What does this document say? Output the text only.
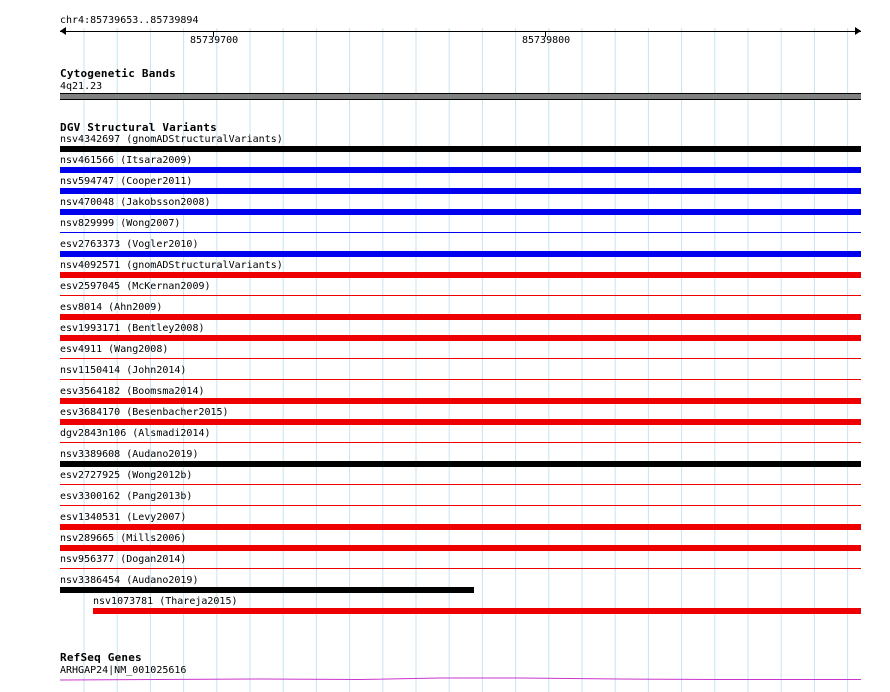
chr4:85739653..85739894
85739700	85739800
Cytogenetic Bands
4q21.23
DGV Structural Variants
nsv4342697 (gnomADStructuralVariants)
nsv461566 (Itsara2009)
nsv594747 (Cooper2011)
nsv470048 (Jakobsson2008)
nsv829999 (Wong2007)
esv2763373 (Vogler2010)
nsv4092571 (gnomADStructuralVariants)
esv2597045 (McKernan2009)
esv8014 (Ahn2009)
esv1993171 (Bentley2008)
esv4911 (Wang2008)
nsv1150414 (John2014)
esv3564182 (Boomsma2014)
esv3684170 (Besenbacher2015)
dgv2843n106 (Alsmadi2014)
nsv3389608 (Audano2019)
esv2727925 (Wong2012b)
esv3300162 (Pang2013b)
esv1340531 (Levy2007)
nsv289665 (Mills2006)
nsv956377 (Dogan2014)
nsv3386454 (Audano2019)
nsv1073781 (Thareja2015)
RefSeq Genes
ARHGAP24|NM_001025616
